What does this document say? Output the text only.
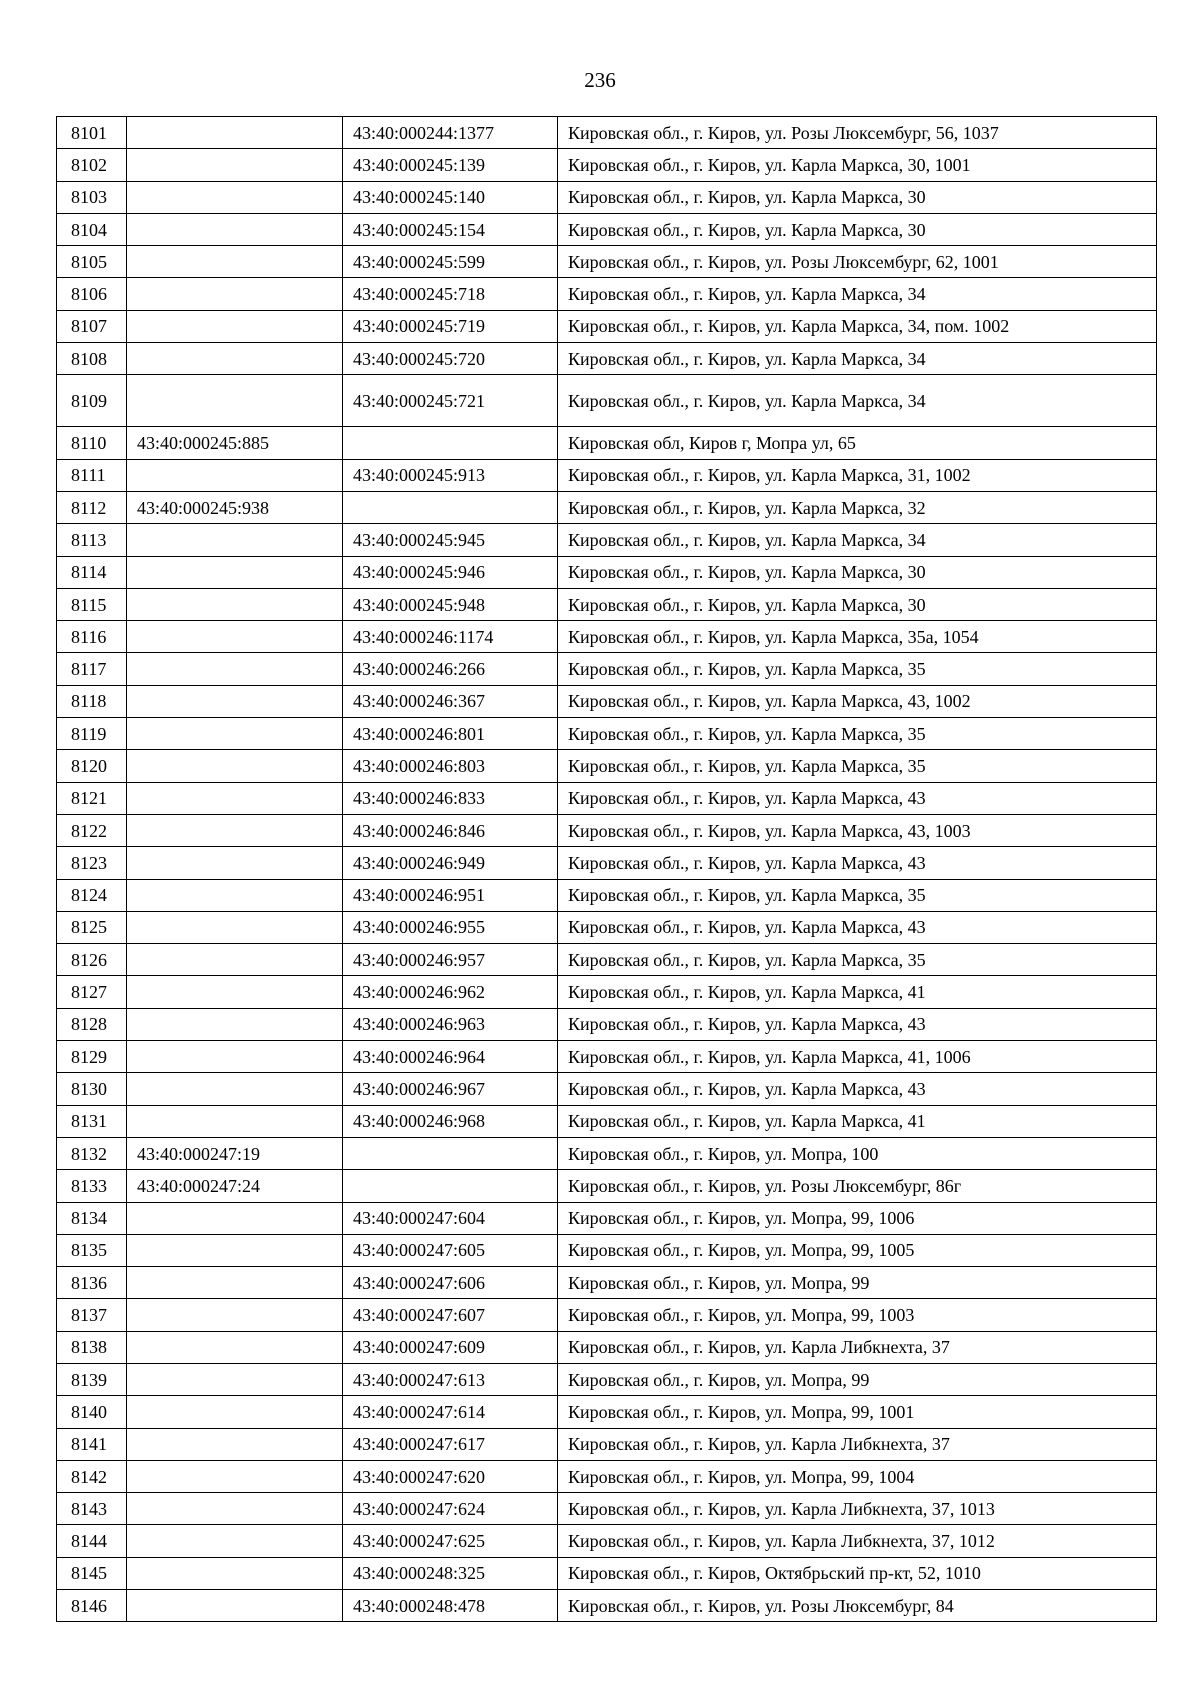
236
8101		43:40:000244:1377	Кировская обл., г. Киров, ул. Розы Люксембург, 56, 1037
8102		43:40:000245:139	Кировская обл., г. Киров, ул. Карла Маркса, 30, 1001
8103		43:40:000245:140	Кировская обл., г. Киров, ул. Карла Маркса, 30
8104		43:40:000245:154	Кировская обл., г. Киров, ул. Карла Маркса, 30
8105		43:40:000245:599	Кировская обл., г. Киров, ул. Розы Люксембург, 62, 1001
8106		43:40:000245:718	Кировская обл., г. Киров, ул. Карла Маркса, 34
8107		43:40:000245:719	Кировская обл., г. Киров, ул. Карла Маркса, 34, пом. 1002
8108		43:40:000245:720	Кировская обл., г. Киров, ул. Карла Маркса, 34
8109		43:40:000245:721	Кировская обл., г. Киров, ул. Карла Маркса, 34
8110	43:40:000245:885		Кировская обл, Киров г, Мопра ул, 65
8111		43:40:000245:913	Кировская обл., г. Киров, ул. Карла Маркса, 31, 1002
8112	43:40:000245:938		Кировская обл., г. Киров, ул. Карла Маркса, 32
8113		43:40:000245:945	Кировская обл., г. Киров, ул. Карла Маркса, 34
8114		43:40:000245:946	Кировская обл., г. Киров, ул. Карла Маркса, 30
8115		43:40:000245:948	Кировская обл., г. Киров, ул. Карла Маркса, 30
8116		43:40:000246:1174	Кировская обл., г. Киров, ул. Карла Маркса, 35а, 1054
8117		43:40:000246:266	Кировская обл., г. Киров, ул. Карла Маркса, 35
8118		43:40:000246:367	Кировская обл., г. Киров, ул. Карла Маркса, 43, 1002
8119		43:40:000246:801	Кировская обл., г. Киров, ул. Карла Маркса, 35
8120		43:40:000246:803	Кировская обл., г. Киров, ул. Карла Маркса, 35
8121		43:40:000246:833	Кировская обл., г. Киров, ул. Карла Маркса, 43
8122		43:40:000246:846	Кировская обл., г. Киров, ул. Карла Маркса, 43, 1003
8123		43:40:000246:949	Кировская обл., г. Киров, ул. Карла Маркса, 43
8124		43:40:000246:951	Кировская обл., г. Киров, ул. Карла Маркса, 35
8125		43:40:000246:955	Кировская обл., г. Киров, ул. Карла Маркса, 43
8126		43:40:000246:957	Кировская обл., г. Киров, ул. Карла Маркса, 35
8127		43:40:000246:962	Кировская обл., г. Киров, ул. Карла Маркса, 41
8128		43:40:000246:963	Кировская обл., г. Киров, ул. Карла Маркса, 43
8129		43:40:000246:964	Кировская обл., г. Киров, ул. Карла Маркса, 41, 1006
8130		43:40:000246:967	Кировская обл., г. Киров, ул. Карла Маркса, 43
8131		43:40:000246:968	Кировская обл., г. Киров, ул. Карла Маркса, 41
8132	43:40:000247:19		Кировская обл., г. Киров, ул. Мопра, 100
8133	43:40:000247:24		Кировская обл., г. Киров, ул. Розы Люксембург, 86г
8134		43:40:000247:604	Кировская обл., г. Киров, ул. Мопра, 99, 1006
8135		43:40:000247:605	Кировская обл., г. Киров, ул. Мопра, 99, 1005
8136		43:40:000247:606	Кировская обл., г. Киров, ул. Мопра, 99
8137		43:40:000247:607	Кировская обл., г. Киров, ул. Мопра, 99, 1003
8138		43:40:000247:609	Кировская обл., г. Киров, ул. Карла Либкнехта, 37
8139		43:40:000247:613	Кировская обл., г. Киров, ул. Мопра, 99
8140		43:40:000247:614	Кировская обл., г. Киров, ул. Мопра, 99, 1001
8141		43:40:000247:617	Кировская обл., г. Киров, ул. Карла Либкнехта, 37
8142		43:40:000247:620	Кировская обл., г. Киров, ул. Мопра, 99, 1004
8143		43:40:000247:624	Кировская обл., г. Киров, ул. Карла Либкнехта, 37, 1013
8144		43:40:000247:625	Кировская обл., г. Киров, ул. Карла Либкнехта, 37, 1012
8145		43:40:000248:325	Кировская обл., г. Киров, Октябрьский пр-кт, 52, 1010
8146		43:40:000248:478	Кировская обл., г. Киров, ул. Розы Люксембург, 84
